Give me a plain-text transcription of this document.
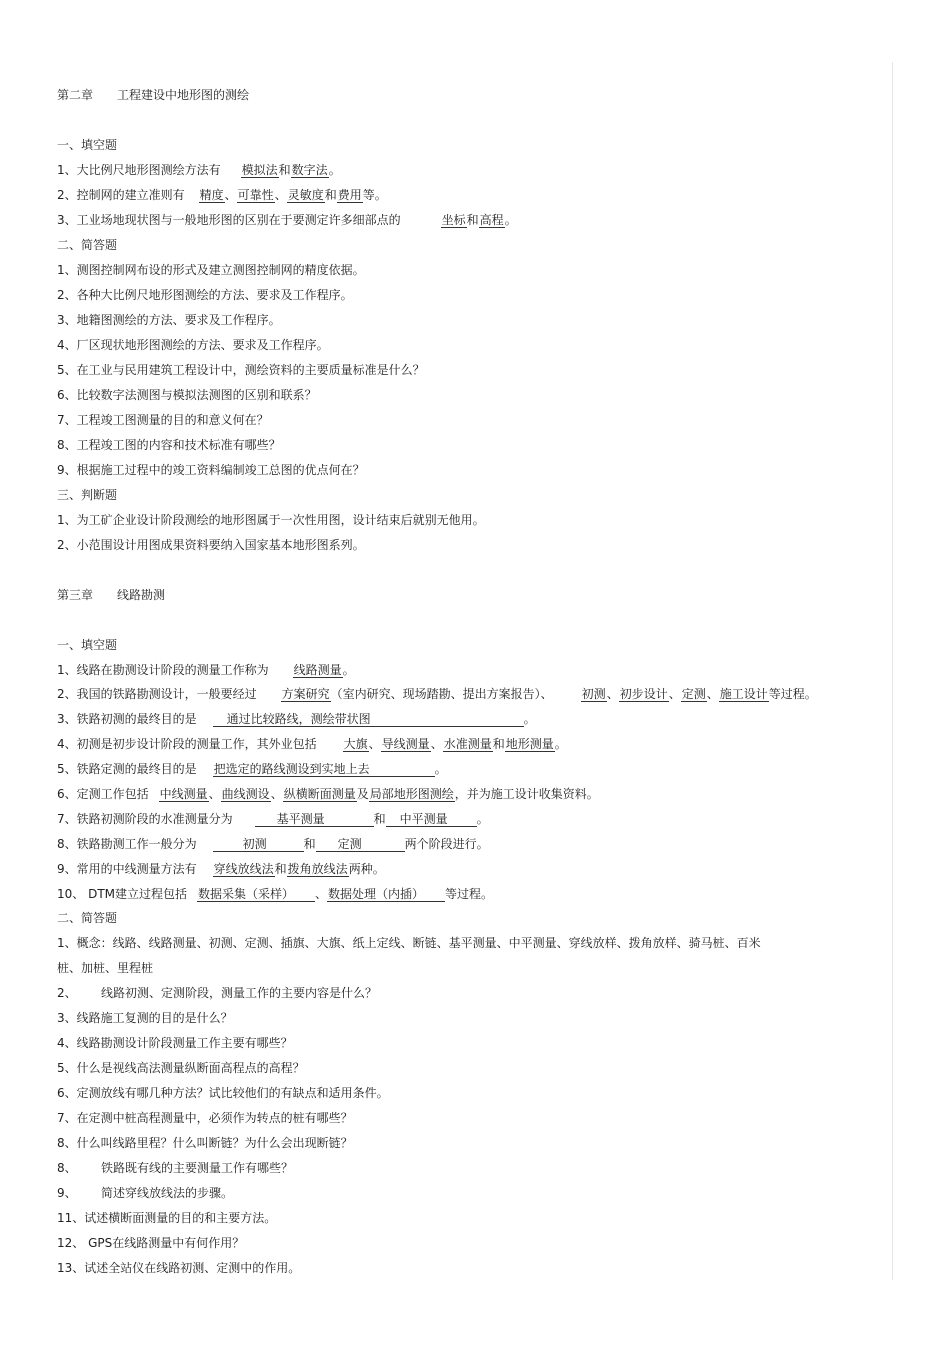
第二章　　工程建设中地形图的测绘
一、填空题
1、大比例尺地形图测绘方法有 模拟法和数字法。
2、控制网的建立准则有 精度、可靠性、灵敏度和费用等。
3、工业场地现状图与一般地形图的区别在于要测定许多细部点的	坐标和高程。
二、简答题
1、测图控制网布设的形式及建立测图控制网的精度依据。
2、各种大比例尺地形图测绘的方法、要求及工作程序。
3、地籍图测绘的方法、要求及工作程序。
4、厂区现状地形图测绘的方法、要求及工作程序。
5、在工业与民用建筑工程设计中，测绘资料的主要质量标准是什么？
6、比较数字法测图与模拟法测图的区别和联系？
7、工程竣工图测量的目的和意义何在？
8、工程竣工图的内容和技术标准有哪些？
9、根据施工过程中的竣工资料编制竣工总图的优点何在？
三、判断题
1、为工矿企业设计阶段测绘的地形图属于一次性用图，设计结束后就别无他用。
2、小范围设计用图成果资料要纳入国家基本地形图系列。
第三章　　线路勘测
一、填空题
1、线路在勘测设计阶段的测量工作称为 线路测量。
2、我国的铁路勘测设计，一般要经过 方案研究（室内研究、现场踏勘、提出方案报告）、 初测、初步设计、定测、施工设计等过程。
3、铁路初测的最终目的是	通过比较路线，测绘带状图	。
4、初测是初步设计阶段的测量工作，其外业包括 大旗、导线测量、水准测量和地形测量。
5、铁路定测的最终目的是 把选定的路线测设到实地上去	。
6、定测工作包括 中线测量、曲线测设、纵横断面测量及局部地形图测绘，并为施工设计收集资料。
7、铁路初测阶段的水准测量分为	基平测量	和 中平测量 。
8、铁路勘测工作一般分为	初测	和 定测	两个阶段进行。
9、常用的中线测量方法有 穿线放线法和拨角放线法两种。
10、 DTM建立过程包括 数据采集（采样） 、数据处理（内插） 等过程。
二、简答题
1、概念：线路、线路测量、初测、定测、插旗、大旗、纸上定线、断链、基平测量、中平测量、穿线放样、拨角放样、骑马桩、百米
桩、加桩、里程桩
2、 线路初测、定测阶段，测量工作的主要内容是什么？
3、线路施工复测的目的是什么？
4、线路勘测设计阶段测量工作主要有哪些？
5、什么是视线高法测量纵断面高程点的高程？
6、定测放线有哪几种方法？试比较他们的有缺点和适用条件。
7、在定测中桩高程测量中，必须作为转点的桩有哪些？
8、什么叫线路里程？什么叫断链？为什么会出现断链？
8、 铁路既有线的主要测量工作有哪些？
9、 简述穿线放线法的步骤。
11、试述横断面测量的目的和主要方法。
12、 GPS在线路测量中有何作用？
13、试述全站仪在线路初测、定测中的作用。
